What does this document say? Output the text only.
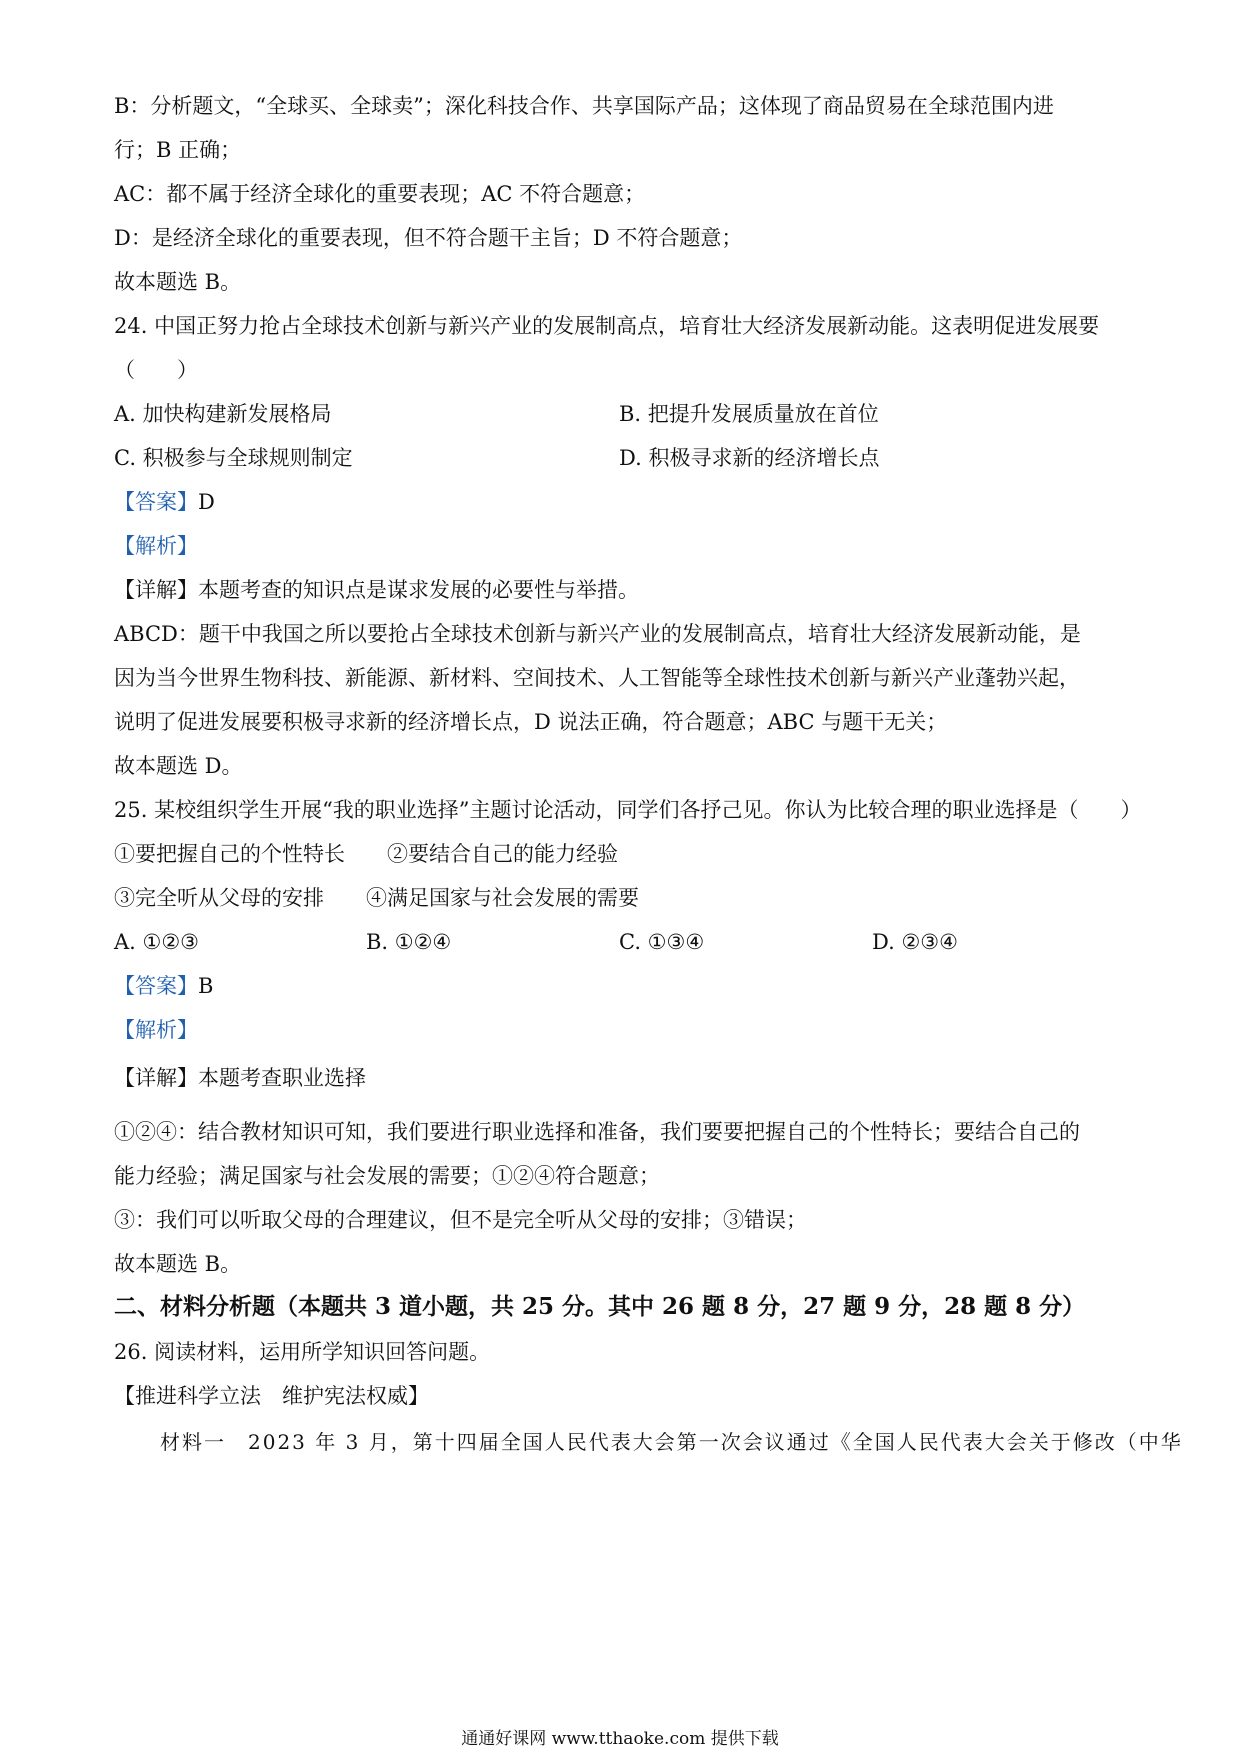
B：分析题文，“全球买、全球卖”；深化科技合作、共享国际产品；这体现了商品贸易在全球范围内进
行；B 正确；
AC：都不属于经济全球化的重要表现；AC 不符合题意；
D：是经济全球化的重要表现，但不符合题干主旨；D 不符合题意；
故本题选 B。
24. 中国正努力抢占全球技术创新与新兴产业的发展制高点，培育壮大经济发展新动能。这表明促进发展要
（　　）
A. 加快构建新发展格局	B. 把提升发展质量放在首位
C. 积极参与全球规则制定	D. 积极寻求新的经济增长点
【答案】D
【解析】
【详解】本题考查的知识点是谋求发展的必要性与举措。
ABCD：题干中我国之所以要抢占全球技术创新与新兴产业的发展制高点，培育壮大经济发展新动能，是
因为当今世界生物科技、新能源、新材料、空间技术、人工智能等全球性技术创新与新兴产业蓬勃兴起，
说明了促进发展要积极寻求新的经济增长点，D 说法正确，符合题意；ABC 与题干无关；
故本题选 D。
25. 某校组织学生开展“我的职业选择”主题讨论活动，同学们各抒己见。你认为比较合理的职业选择是（　　）
①要把握自己的个性特长　　②要结合自己的能力经验
③完全听从父母的安排　　④满足国家与社会发展的需要
A. ①②③	B. ①②④	C. ①③④	D. ②③④
【答案】B
【解析】
【详解】本题考查职业选择
①②④：结合教材知识可知，我们要进行职业选择和准备，我们要要把握自己的个性特长；要结合自己的
能力经验；满足国家与社会发展的需要；①②④符合题意；
③：我们可以听取父母的合理建议，但不是完全听从父母的安排；③错误；
故本题选 B。
二、材料分析题（本题共 3 道小题，共 25 分。其中 26 题 8 分，27 题 9 分，28 题 8 分）
26. 阅读材料，运用所学知识回答问题。
【推进科学立法　维护宪法权威】
材料一　2023 年 3 月，第十四届全国人民代表大会第一次会议通过《全国人民代表大会关于修改（中华
通通好课网 www.tthaoke.com 提供下载
